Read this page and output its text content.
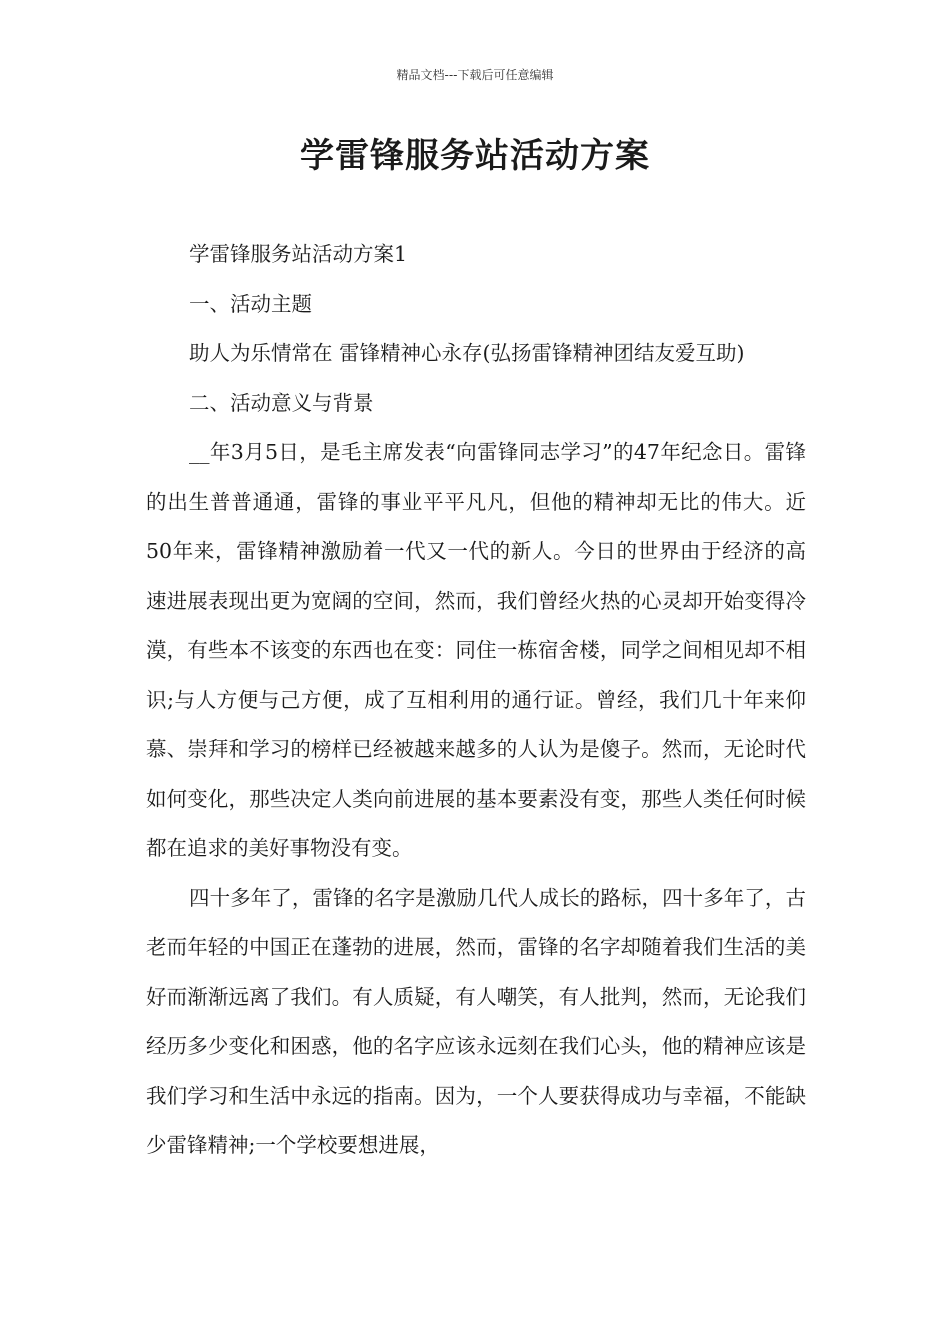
精品文档---下载后可任意编辑
学雷锋服务站活动方案

学雷锋服务站活动方案1

一、活动主题

助人为乐情常在 雷锋精神心永存(弘扬雷锋精神团结友爱互助)

二、活动意义与背景

__年3月5日，是毛主席发表“向雷锋同志学习”的47年纪念日。雷锋的出生普普通通，雷锋的事业平平凡凡，但他的精神却无比的伟大。近50年来，雷锋精神激励着一代又一代的新人。今日的世界由于经济的高速进展表现出更为宽阔的空间，然而，我们曾经火热的心灵却开始变得冷漠，有些本不该变的东西也在变：同住一栋宿舍楼，同学之间相见却不相识;与人方便与己方便，成了互相利用的通行证。曾经，我们几十年来仰慕、崇拜和学习的榜样已经被越来越多的人认为是傻子。然而，无论时代如何变化，那些决定人类向前进展的基本要素没有变，那些人类任何时候都在追求的美好事物没有变。

四十多年了，雷锋的名字是激励几代人成长的路标，四十多年了，古老而年轻的中国正在蓬勃的进展，然而，雷锋的名字却随着我们生活的美好而渐渐远离了我们。有人质疑，有人嘲笑，有人批判，然而，无论我们经历多少变化和困惑，他的名字应该永远刻在我们心头，他的精神应该是我们学习和生活中永远的指南。因为，一个人要获得成功与幸福，不能缺少雷锋精神;一个学校要想进展，
